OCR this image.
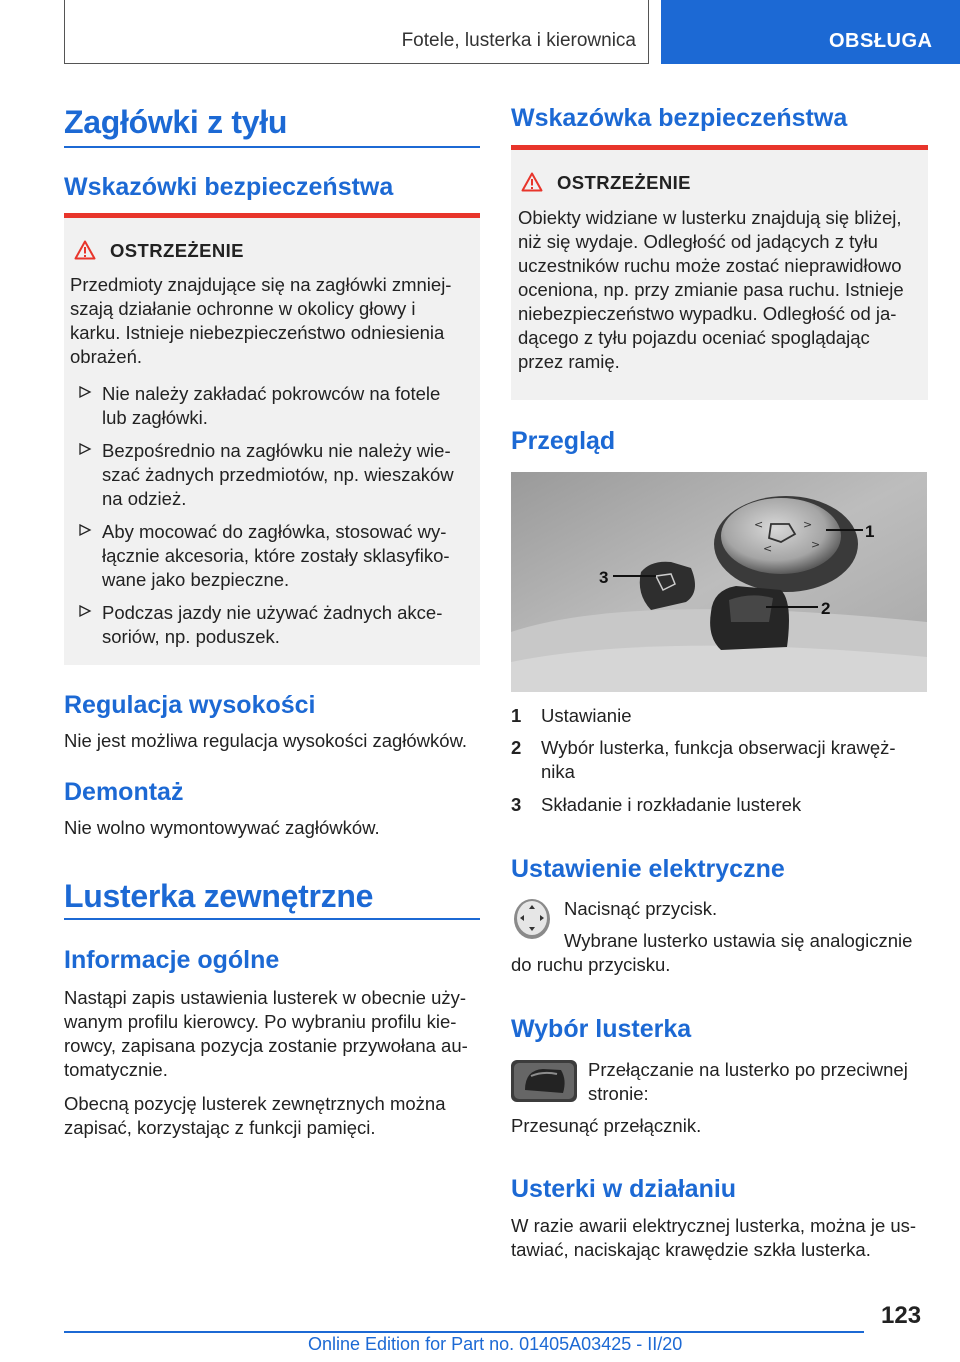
Fotele, lusterka i kierownica	OBSŁUGA
Zagłówki z tyłu
Wskazówki bezpieczeństwa
OSTRZEŻENIE
Przedmioty znajdujące się na zagłówki zmniej-
szają działanie ochronne w okolicy głowy i
karku. Istnieje niebezpieczeństwo odniesienia
obrażeń.
Nie należy zakładać pokrowców na fotele
lub zagłówki.
Bezpośrednio na zagłówku nie należy wie-
szać żadnych przedmiotów, np. wieszaków
na odzież.
Aby mocować do zagłówka, stosować wy-
łącznie akcesoria, które zostały sklasyfiko-
wane jako bezpieczne.
Podczas jazdy nie używać żadnych akce-
soriów, np. poduszek.
Regulacja wysokości
Nie jest możliwa regulacja wysokości zagłówków.
Demontaż
Nie wolno wymontowywać zagłówków.
Lusterka zewnętrzne
Informacje ogólne
Nastąpi zapis ustawienia lusterek w obecnie uży-
wanym profilu kierowcy. Po wybraniu profilu kie-
rowcy, zapisana pozycja zostanie przywołana au-
tomatycznie.
Obecną pozycję lusterek zewnętrznych można
zapisać, korzystając z funkcji pamięci.
Wskazówka bezpieczeństwa
OSTRZEŻENIE
Obiekty widziane w lusterku znajdują się bliżej,
niż się wydaje. Odległość od jadących z tyłu
uczestników ruchu może zostać nieprawidłowo
oceniona, np. przy zmianie pasa ruchu. Istnieje
niebezpieczeństwo wypadku. Odległość od ja-
dącego z tyłu pojazdu oceniać spoglądając
przez ramię.
Przegląd
<	>
<	>
1
2
3
1 Ustawianie
2 Wybór lusterka, funkcja obserwacji krawęż-
nika
3 Składanie i rozkładanie lusterek
Ustawienie elektryczne
Nacisnąć przycisk.
Wybrane lusterko ustawia się analogicznie
do ruchu przycisku.
Wybór lusterka
Przełączanie na lusterko po przeciwnej
stronie:
Przesunąć przełącznik.
Usterki w działaniu
W razie awarii elektrycznej lusterka, można je us-
tawiać, naciskając krawędzie szkła lusterka.
123
Online Edition for Part no. 01405A03425 - II/20
